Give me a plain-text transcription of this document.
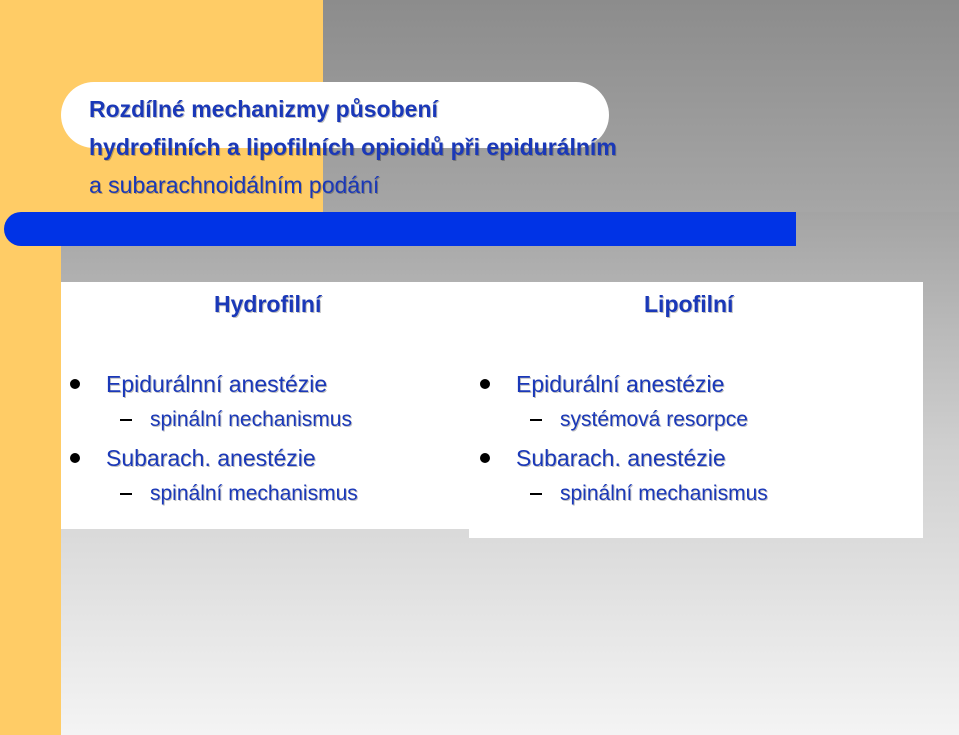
Rozdílné mechanizmy působení
hydrofilních a lipofilních opioidů při epidurálním
a subarachnoidálním podání
Hydrofilní	Lipofilní
Epidurálnní anestézie
spinální nechanismus
Subarach. anestézie
spinální mechanismus
Epidurální anestézie
systémová resorpce
Subarach. anestézie
spinální mechanismus
